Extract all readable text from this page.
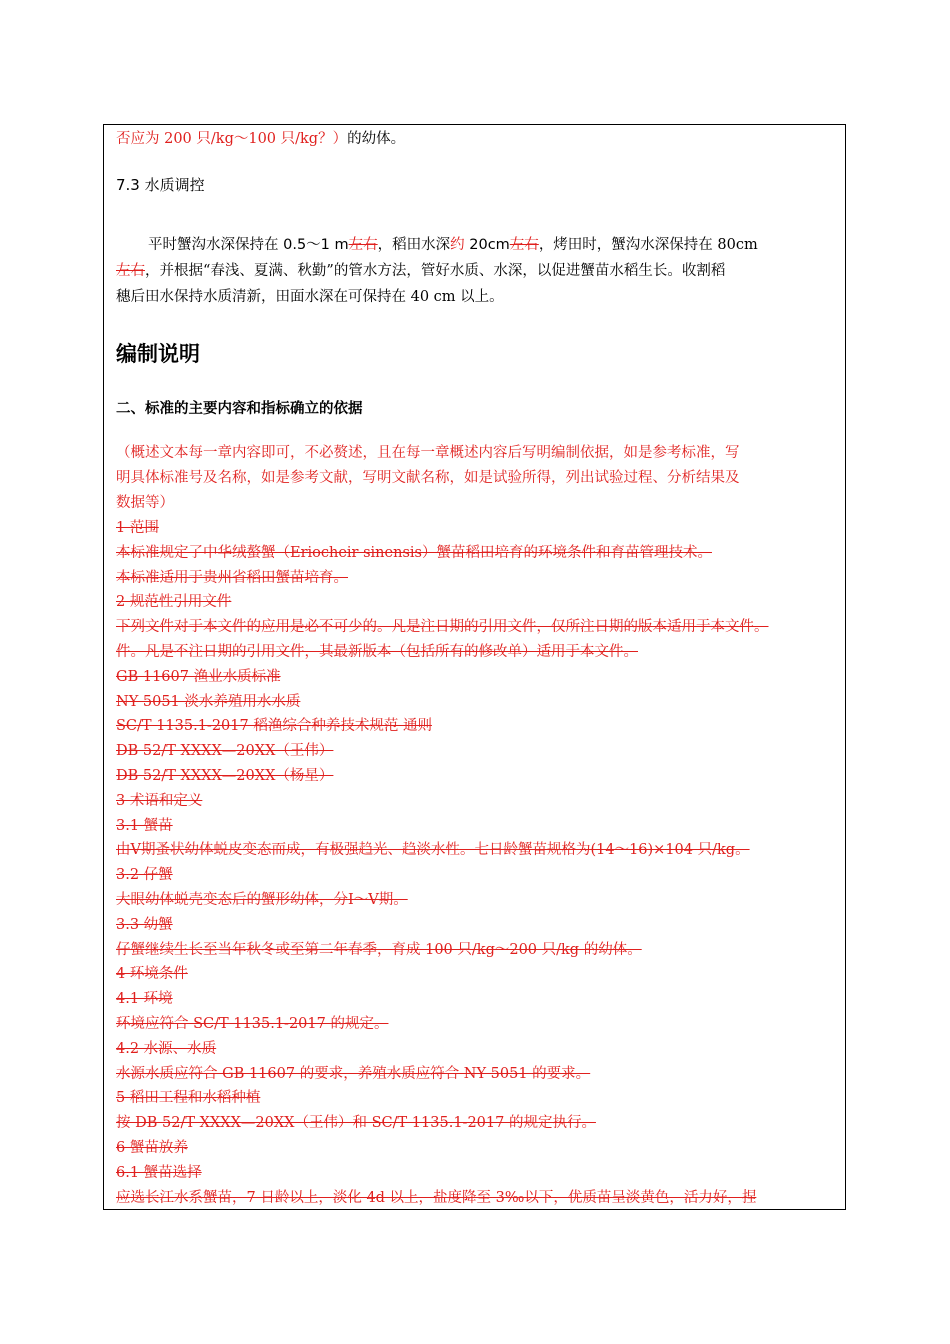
否应为 200 只/kg～100 只/kg？）的幼体。
7.3 水质调控
平时蟹沟水深保持在 0.5～1 m左右，稻田水深约 20cm左右，烤田时，蟹沟水深保持在 80cm
左右，并根据“春浅、夏满、秋勤”的管水方法，管好水质、水深，以促进蟹苗水稻生长。收割稻
穗后田水保持水质清新，田面水深在可保持在 40 cm 以上。
编制说明
二、标准的主要内容和指标确立的依据
（概述文本每一章内容即可，不必赘述，且在每一章概述内容后写明编制依据，如是参考标准，写
明具体标准号及名称，如是参考文献，写明文献名称，如是试验所得，列出试验过程、分析结果及
数据等）
1 范围
本标准规定了中华绒螯蟹（Eriocheir sinensis）蟹苗稻田培育的环境条件和育苗管理技术。
本标准适用于贵州省稻田蟹苗培育。
2 规范性引用文件
下列文件对于本文件的应用是必不可少的。凡是注日期的引用文件，仅所注日期的版本适用于本文件。
件。凡是不注日期的引用文件，其最新版本（包括所有的修改单）适用于本文件。
GB 11607 渔业水质标准
NY 5051 淡水养殖用水水质
SC/T 1135.1-2017 稻渔综合种养技术规范 通则
DB 52/T XXXX—20XX（王伟）
DB 52/T XXXX—20XX（杨星）
3 术语和定义
3.1 蟹苗
由Ⅴ期蚤状幼体蜕皮变态而成，有极强趋光、趋淡水性。七日龄蟹苗规格为(14～16)×104 只/kg。
3.2 仔蟹
大眼幼体蜕壳变态后的蟹形幼体，分Ⅰ～Ⅴ期。
3.3 幼蟹
仔蟹继续生长至当年秋冬或至第二年春季，育成 100 只/kg～200 只/kg 的幼体。
4 环境条件
4.1 环境
环境应符合 SC/T 1135.1-2017 的规定。
4.2 水源、水质
水源水质应符合 GB 11607 的要求，养殖水质应符合 NY 5051 的要求。
5 稻田工程和水稻种植
按 DB 52/T XXXX—20XX（王伟）和 SC/T 1135.1-2017 的规定执行。
6 蟹苗放养
6.1 蟹苗选择
应选长江水系蟹苗，7 日龄以上，淡化 4d 以上，盐度降至 3‰以下，优质苗呈淡黄色，活力好，捏
